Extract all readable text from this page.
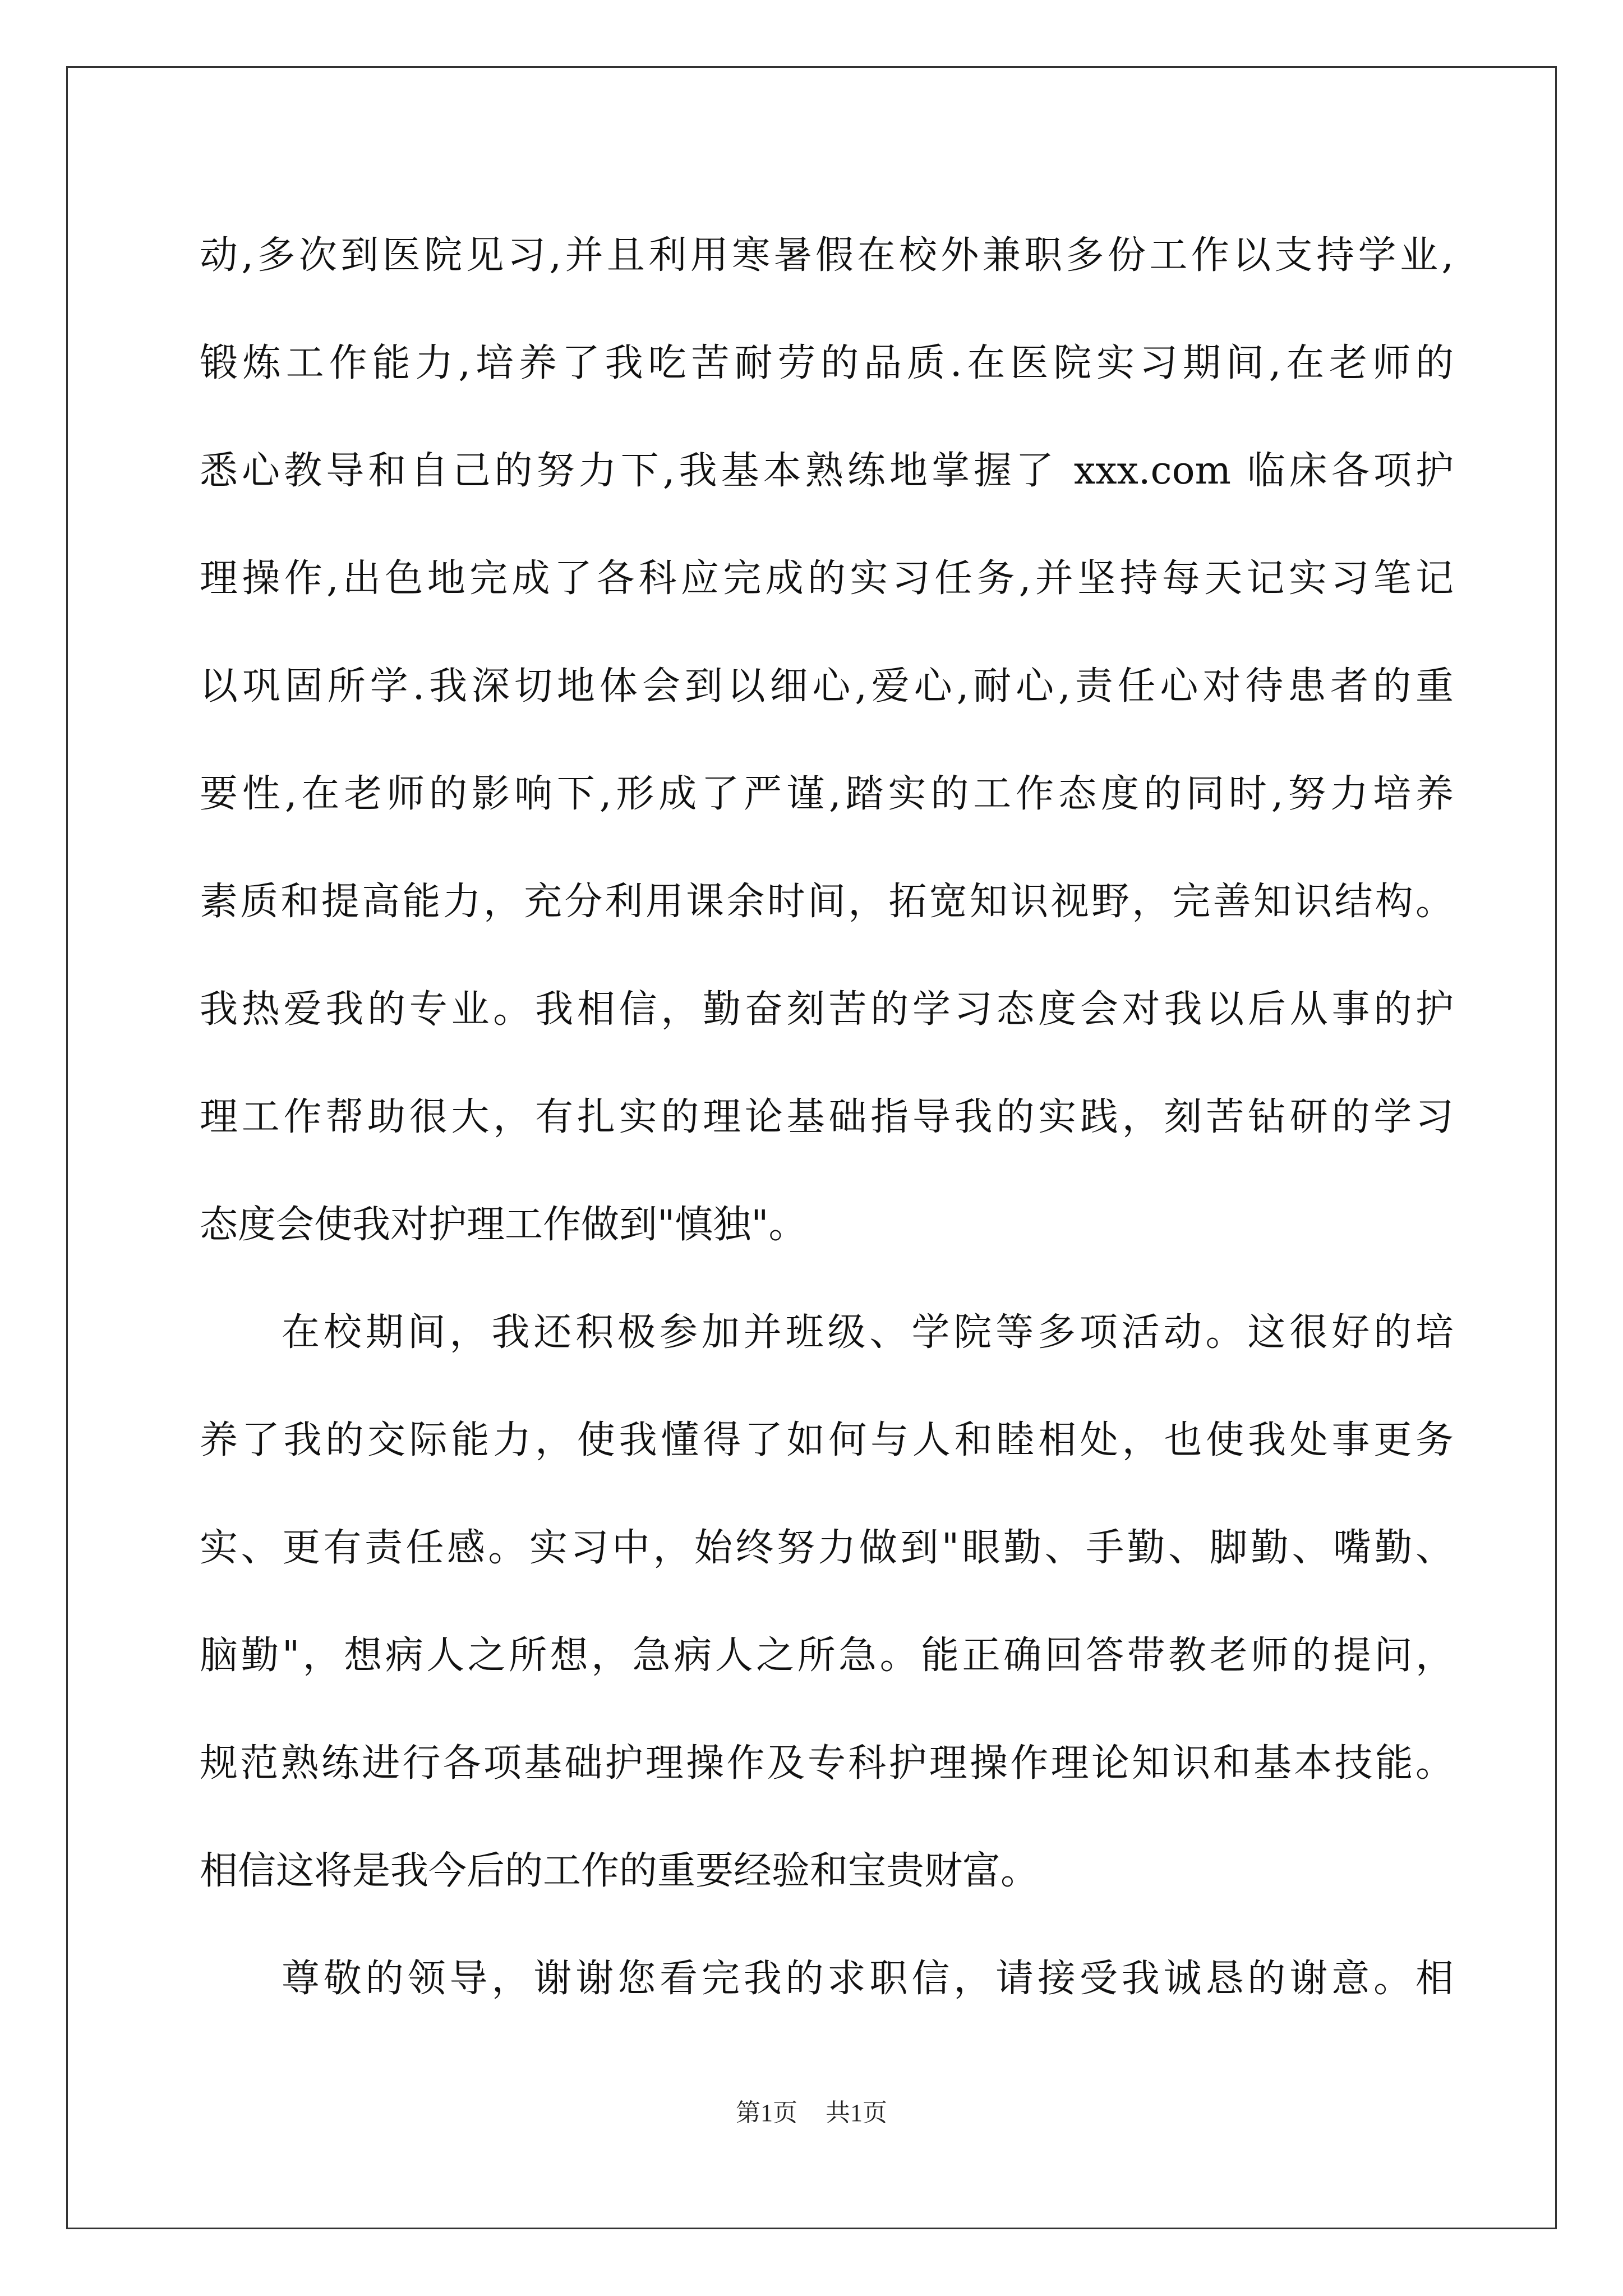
动,多次到医院见习,并且利用寒暑假在校外兼职多份工作以支持学业,
锻炼工作能力,培养了我吃苦耐劳的品质.在医院实习期间,在老师的
悉心教导和自己的努力下,我基本熟练地掌握了 xxx.com 临床各项护
理操作,出色地完成了各科应完成的实习任务,并坚持每天记实习笔记
以巩固所学.我深切地体会到以细心,爱心,耐心,责任心对待患者的重
要性,在老师的影响下,形成了严谨,踏实的工作态度的同时,努力培养
素质和提高能力，充分利用课余时间，拓宽知识视野，完善知识结构。
我热爱我的专业。我相信，勤奋刻苦的学习态度会对我以后从事的护
理工作帮助很大，有扎实的理论基础指导我的实践，刻苦钻研的学习
态度会使我对护理工作做到"慎独"。
在校期间，我还积极参加并班级、学院等多项活动。这很好的培
养了我的交际能力，使我懂得了如何与人和睦相处，也使我处事更务
实、更有责任感。实习中，始终努力做到"眼勤、手勤、脚勤、嘴勤、
脑勤"，想病人之所想，急病人之所急。能正确回答带教老师的提问，
规范熟练进行各项基础护理操作及专科护理操作理论知识和基本技能。
相信这将是我今后的工作的重要经验和宝贵财富。
尊敬的领导，谢谢您看完我的求职信，请接受我诚恳的谢意。相
第1页 共1页
